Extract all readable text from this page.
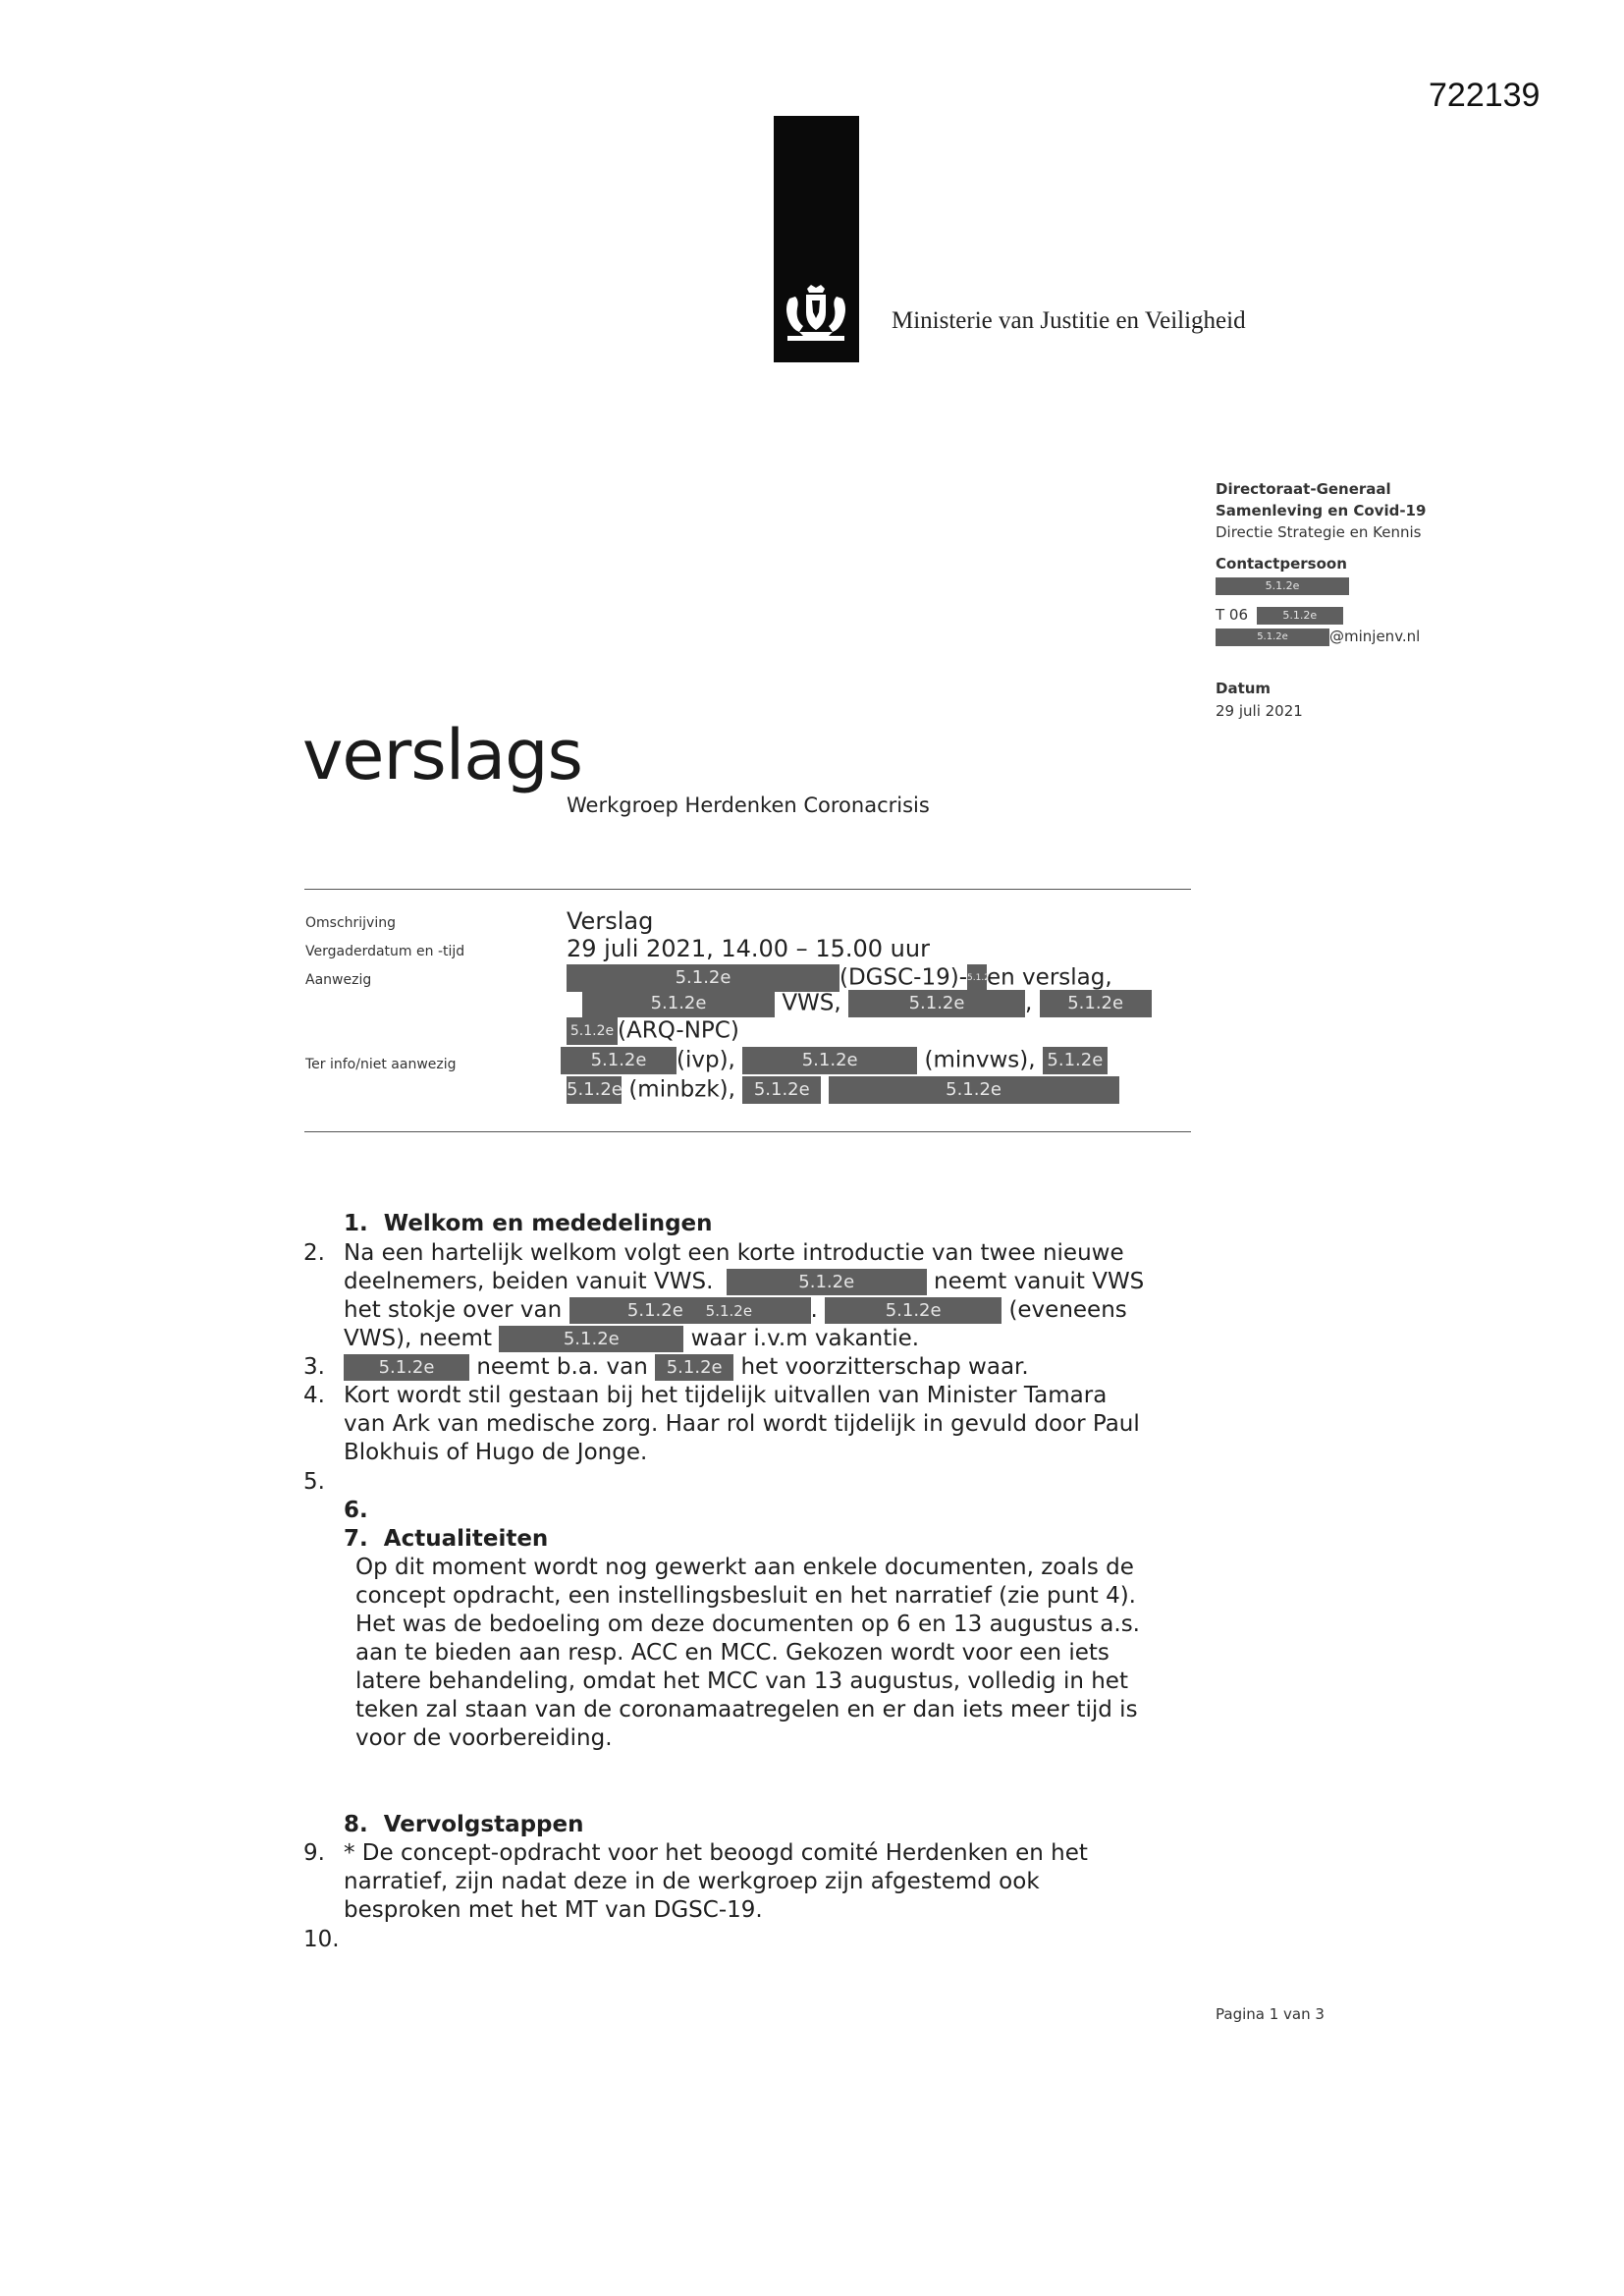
722139
Ministerie van Justitie en Veiligheid
Directoraat-Generaal
Samenleving en Covid-19
Directie Strategie en Kennis
Contactpersoon
5.1.2e
T 06	5.1.2e
5.1.2e	@minjenv.nl
Datum
29 juli 2021
verslags
Werkgroep Herdenken Coronacrisis
Omschrijving	Verslag
Vergaderdatum en -tijd	29 juli 2021, 14.00 – 15.00 uur
Aanwezig	5.1.2e	(DGSC-19)-5.1.2een verslag,
5.1.2e	VWS,	5.1.2e	, 5.1.2e
5.1.2e (ARQ-NPC)
Ter info/niet aanwezig	5.1.2e (ivp),	5.1.2e	(minvws), 5.1.2e
5.1.2e (minbzk), 5.1.2e	5.1.2e
1. Welkom en mededelingen
2. Na een hartelijk welkom volgt een korte introductie van twee nieuwe
deelnemers, beiden vanuit VWS.	5.1.2e	neemt vanuit VWS
het stokje over van	5.1.2e 5.1.2e	.	5.1.2e	(eveneens
VWS), neemt	5.1.2e	waar i.v.m vakantie.
3.	5.1.2e neemt b.a. van 5.1.2e het voorzitterschap waar.
4. Kort wordt stil gestaan bij het tijdelijk uitvallen van Minister Tamara
van Ark van medische zorg. Haar rol wordt tijdelijk in gevuld door Paul
Blokhuis of Hugo de Jonge.
5.
6.
7. Actualiteiten
Op dit moment wordt nog gewerkt aan enkele documenten, zoals de
concept opdracht, een instellingsbesluit en het narratief (zie punt 4).
Het was de bedoeling om deze documenten op 6 en 13 augustus a.s.
aan te bieden aan resp. ACC en MCC. Gekozen wordt voor een iets
latere behandeling, omdat het MCC van 13 augustus, volledig in het
teken zal staan van de coronamaatregelen en er dan iets meer tijd is
voor de voorbereiding.
8. Vervolgstappen
9. * De concept-opdracht voor het beoogd comité Herdenken en het
narratief, zijn nadat deze in de werkgroep zijn afgestemd ook
besproken met het MT van DGSC-19.
10.
Pagina 1 van 3
